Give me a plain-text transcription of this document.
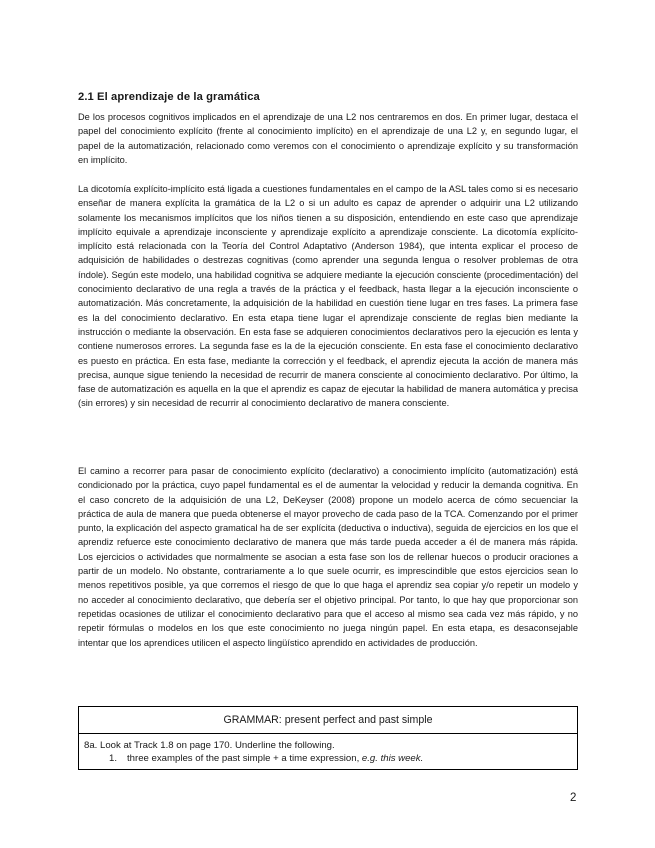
2.1 El aprendizaje de la gramática

De los procesos cognitivos implicados en el aprendizaje de una L2 nos centraremos en dos. En primer lugar, destaca el papel del conocimiento explícito (frente al conocimiento implícito) en el aprendizaje de una L2 y, en segundo lugar, el papel de la automatización, relacionado como veremos con el conocimiento o aprendizaje explícito y su transformación en implícito.

La dicotomía explícito-implícito está ligada a cuestiones fundamentales en el campo de la ASL tales como si es necesario enseñar de manera explícita la gramática de la L2 o si un adulto es capaz de aprender o adquirir una L2 utilizando solamente los mecanismos implícitos que los niños tienen a su disposición, entendiendo en este caso que aprendizaje implícito equivale a aprendizaje inconsciente y aprendizaje explícito a aprendizaje consciente. La dicotomía explícito-implícito está relacionada con la Teoría del Control Adaptativo (Anderson 1984), que intenta explicar el proceso de adquisición de habilidades o destrezas cognitivas (como aprender una segunda lengua o resolver problemas de otra índole). Según este modelo, una habilidad cognitiva se adquiere mediante la ejecución consciente (procedimentación) del conocimiento declarativo de una regla a través de la práctica y el feedback, hasta llegar a la ejecución inconsciente o automatización. Más concretamente, la adquisición de la habilidad en cuestión tiene lugar en tres fases. La primera fase es la del conocimiento declarativo. En esta etapa tiene lugar el aprendizaje consciente de reglas bien mediante la instrucción o mediante la observación. En esta fase se adquieren conocimientos declarativos pero la ejecución es lenta y contiene numerosos errores. La segunda fase es la de la ejecución consciente. En esta fase el conocimiento declarativo es puesto en práctica. En esta fase, mediante la corrección y el feedback, el aprendiz ejecuta la acción de manera más precisa, aunque sigue teniendo la necesidad de recurrir de manera consciente al conocimiento declarativo. Por último, la fase de automatización es aquella en la que el aprendiz es capaz de ejecutar la habilidad de manera automática y precisa (sin errores) y sin necesidad de recurrir al conocimiento declarativo de manera consciente.

El camino a recorrer para pasar de conocimiento explícito (declarativo) a conocimiento implícito (automatización) está condicionado por la práctica, cuyo papel fundamental es el de aumentar la velocidad y reducir la demanda cognitiva. En el caso concreto de la adquisición de una L2, DeKeyser (2008) propone un modelo acerca de cómo secuenciar la práctica de aula de manera que pueda obtenerse el mayor provecho de cada paso de la TCA. Comenzando por el primer punto, la explicación del aspecto gramatical ha de ser explícita (deductiva o inductiva), seguida de ejercicios en los que el aprendiz refuerce este conocimiento declarativo de manera que más tarde pueda acceder a él de manera más rápida. Los ejercicios o actividades que normalmente se asocian a esta fase son los de rellenar huecos o producir oraciones a partir de un modelo. No obstante, contrariamente a lo que suele ocurrir, es imprescindible que estos ejercicios sean lo menos repetitivos posible, ya que corremos el riesgo de que lo que haga el aprendiz sea copiar y/o repetir un modelo y no acceder al conocimiento declarativo, que debería ser el objetivo principal. Por tanto, lo que hay que proporcionar son repetidas ocasiones de utilizar el conocimiento declarativo para que el acceso al mismo sea cada vez más rápido, y no repetir fórmulas o modelos en los que este conocimiento no juega ningún papel. En esta etapa, es desaconsejable intentar que los aprendices utilicen el aspecto lingüístico aprendido en actividades de producción.

GRAMMAR: present perfect and past simple
8a. Look at Track 1.8 on page 170. Underline the following.
1. three examples of the past simple + a time expression, e.g. this week.
2
